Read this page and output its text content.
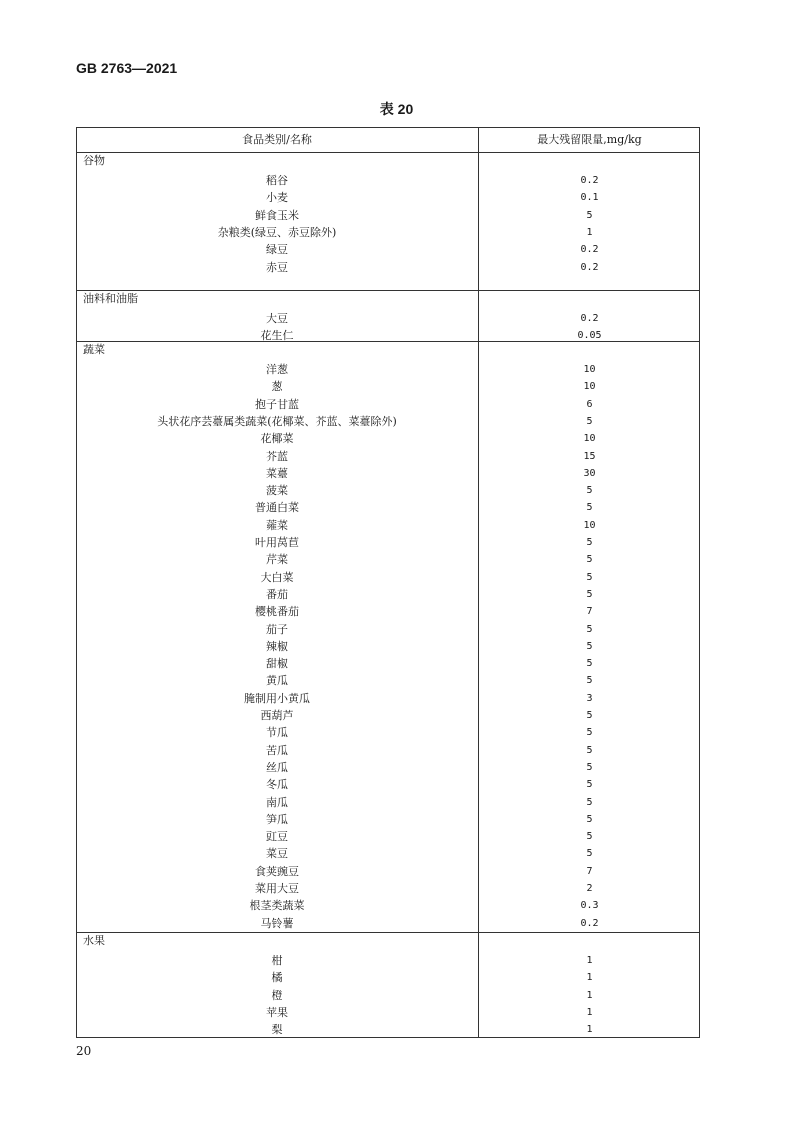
GB 2763—2021
表 20
食品类别/名称	最大残留限量,mg/kg
谷物
稻谷	0.2
小麦	0.1
鲜食玉米	5
杂粮类(绿豆、赤豆除外)	1
绿豆	0.2
赤豆	0.2
油料和油脂
大豆	0.2
花生仁	0.05
蔬菜
洋葱	10
葱	10
抱子甘蓝	6
头状花序芸薹属类蔬菜(花椰菜、芥蓝、菜薹除外)	5
花椰菜	10
芥蓝	15
菜薹	30
菠菜	5
普通白菜	5
蕹菜	10
叶用莴苣	5
芹菜	5
大白菜	5
番茄	5
樱桃番茄	7
茄子	5
辣椒	5
甜椒	5
黄瓜	5
腌制用小黄瓜	3
西葫芦	5
节瓜	5
苦瓜	5
丝瓜	5
冬瓜	5
南瓜	5
笋瓜	5
豇豆	5
菜豆	5
食荚豌豆	7
菜用大豆	2
根茎类蔬菜	0.3
马铃薯	0.2
水果
柑	1
橘	1
橙	1
苹果	1
梨	1
20
